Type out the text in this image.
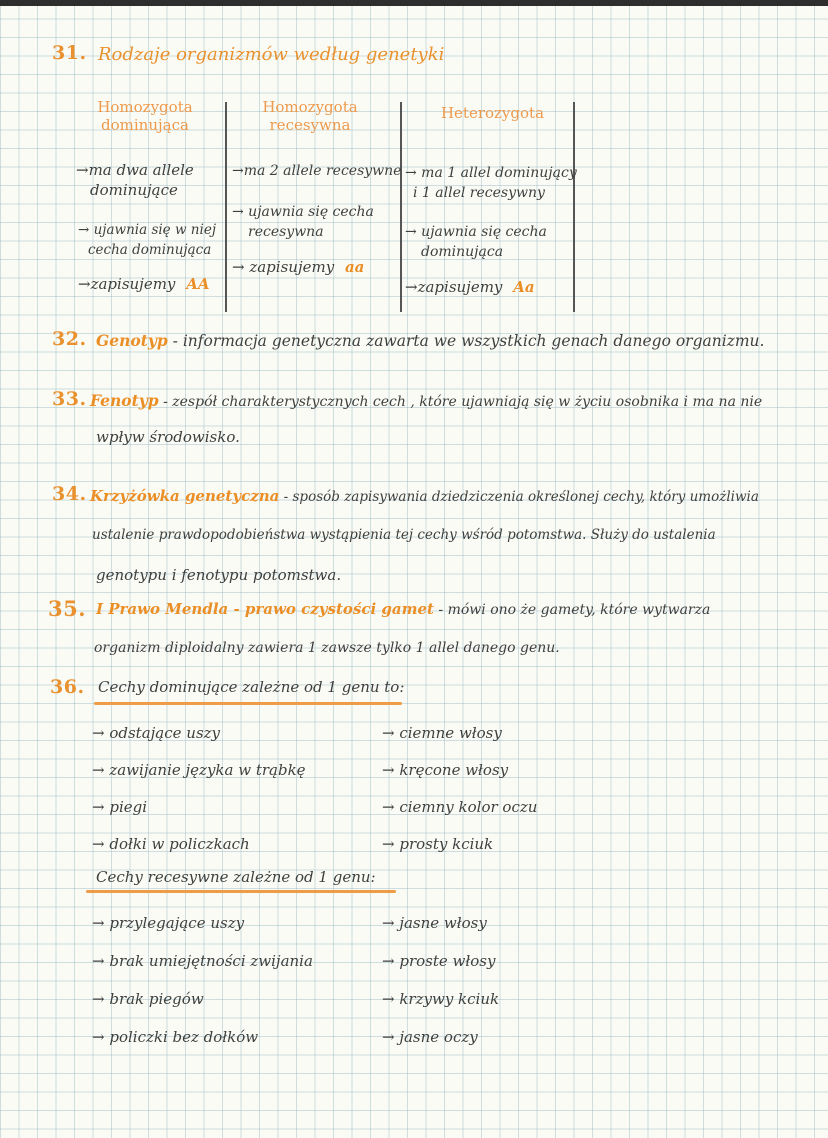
31. Rodzaje organizmów według genetyki
Homozygota
dominująca
Homozygota
recesywna
Heterozygota
→ma dwa allele
dominujące
→ ujawnia się w niej
cecha dominująca
→zapisujemy AA
→ma 2 allele recesywne
→ ujawnia się cecha
recesywna
→ zapisujemy aa
→ ma 1 allel dominujący
i 1 allel recesywny
→ ujawnia się cecha
dominująca
→zapisujemy Aa
32. Genotyp - informacja genetyczna zawarta we wszystkich genach danego organizmu.
33. Fenotyp - zespół charakterystycznych cech , które ujawniają się w życiu osobnika i ma na nie
wpływ środowisko.
34. Krzyżówka genetyczna - sposób zapisywania dziedziczenia określonej cechy, który umożliwia
ustalenie prawdopodobieństwa wystąpienia tej cechy wśród potomstwa. Służy do ustalenia
genotypu i fenotypu potomstwa.
35. I Prawo Mendla - prawo czystości gamet - mówi ono że gamety, które wytwarza
organizm diploidalny zawiera 1 zawsze tylko 1 allel danego genu.
36. Cechy dominujące zależne od 1 genu to:
→ odstające uszy
→ zawijanie języka w trąbkę
→ piegi
→ dołki w policzkach
→ ciemne włosy
→ kręcone włosy
→ ciemny kolor oczu
→ prosty kciuk
Cechy recesywne zależne od 1 genu:
→ przylegające uszy
→ brak umiejętności zwijania
→ brak piegów
→ policzki bez dołków
→ jasne włosy
→ proste włosy
→ krzywy kciuk
→ jasne oczy
